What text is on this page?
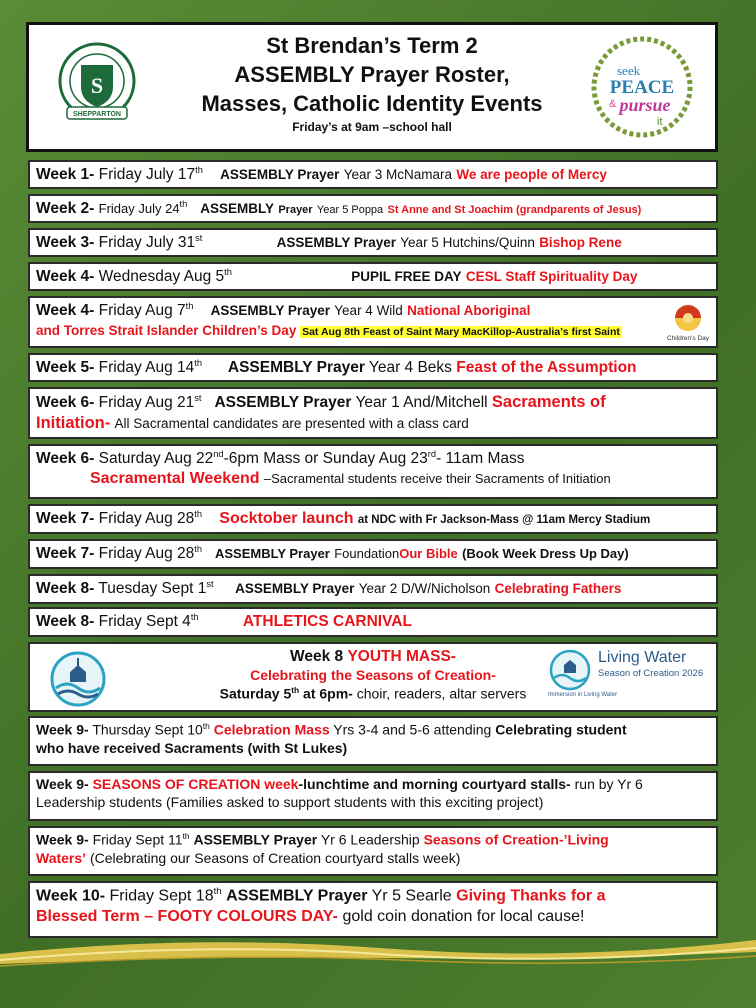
S
SHEPPARTON
St Brendan’s Term 2
ASSEMBLY Prayer Roster,
Masses, Catholic Identity Events
Friday’s at 9am –school hall
seek
PEACE
& pursue
it
Week 1- Friday July 17th ASSEMBLY Prayer Year 3 McNamara We are people of Mercy
Week 2- Friday July 24th ASSEMBLY Prayer Year 5 Poppa St Anne and St Joachim (grandparents of Jesus)
Week 3- Friday July 31st	ASSEMBLY Prayer Year 5 Hutchins/Quinn Bishop Rene
Week 4- Wednesday Aug 5th	PUPIL FREE DAY CESL Staff Spirituality Day
Week 4- Friday Aug 7th ASSEMBLY Prayer Year 4 Wild National Aboriginal
and Torres Strait Islander Children’s Day Sat Aug 8th Feast of Saint Mary MacKillop-Australia’s first Saint
Children's Day
Week 5- Friday Aug 14th ASSEMBLY Prayer Year 4 Beks Feast of the Assumption
Week 6- Friday Aug 21st ASSEMBLY Prayer Year 1 And/Mitchell Sacraments of
Initiation- All Sacramental candidates are presented with a class card
Week 6- Saturday Aug 22nd-6pm Mass or Sunday Aug 23rd- 11am Mass
Sacramental Weekend –Sacramental students receive their Sacraments of Initiation
Week 7- Friday Aug 28th Socktober launch at NDC with Fr Jackson-Mass @ 11am Mercy Stadium
Week 7- Friday Aug 28th ASSEMBLY Prayer FoundationOur Bible (Book Week Dress Up Day)
Week 8- Tuesday Sept 1st ASSEMBLY Prayer Year 2 D/W/Nicholson Celebrating Fathers
Week 8- Friday Sept 4th	ATHLETICS CARNIVAL
Week 8 YOUTH MASS-
Celebrating the Seasons of Creation-
Saturday 5th at 6pm- choir, readers, altar servers
Living Water
Season of Creation 2026
Immersion in Living Water
Week 9- Thursday Sept 10th Celebration Mass Yrs 3-4 and 5-6 attending Celebrating student
who have received Sacraments (with St Lukes)
Week 9- SEASONS OF CREATION week-lunchtime and morning courtyard stalls- run by Yr 6
Leadership students (Families asked to support students with this exciting project)
Week 9- Friday Sept 11th ASSEMBLY Prayer Yr 6 Leadership Seasons of Creation-’Living
Waters’ (Celebrating our Seasons of Creation courtyard stalls week)
Week 10- Friday Sept 18th ASSEMBLY Prayer Yr 5 Searle Giving Thanks for a
Blessed Term – FOOTY COLOURS DAY- gold coin donation for local cause!
